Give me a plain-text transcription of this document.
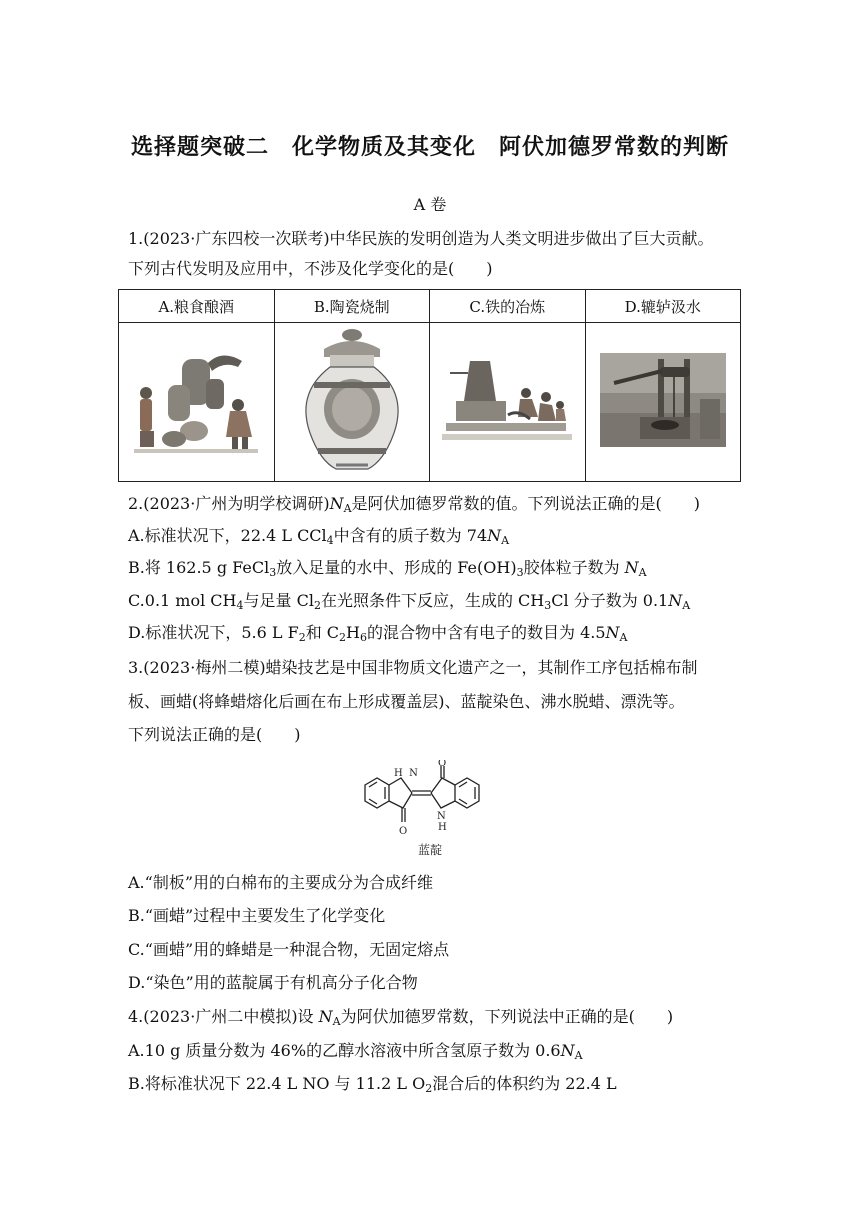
选择题突破二　化学物质及其变化　阿伏加德罗常数的判断
A 卷
1.(2023·广东四校一次联考)中华民族的发明创造为人类文明进步做出了巨大贡献。
下列古代发明及应用中，不涉及化学变化的是(　　)
A.粮食酿酒	B.陶瓷烧制	C.铁的冶炼	D.辘轳汲水

2.(2023·广州为明学校调研)$N_A$是阿伏加德罗常数的值。下列说法正确的是(　　)
A.标准状况下，22.4 L CCl$_4$中含有的质子数为 $74N_A$
B.将 162.5 g FeCl$_3$放入足量的水中、形成的 $Fe(OH)_3$胶体粒子数为 $N_A$
C.0.1 mol $CH_4$与足量 $Cl_2$在光照条件下反应，生成的 $CH_3Cl$ 分子数为 $0.1N_A$
D.标准状况下，5.6 L $F_2$和 $C_2H_6$的混合物中含有电子的数目为 $4.5N_A$
3.(2023·梅州二模)蜡染技艺是中国非物质文化遗产之一，其制作工序包括棉布制
板、画蜡(将蜂蜡熔化后画在布上形成覆盖层)、蓝靛染色、沸水脱蜡、漂洗等。
下列说法正确的是(　　)
H  N
O
O
N
H
蓝靛
A.“制板”用的白棉布的主要成分为合成纤维
B.“画蜡”过程中主要发生了化学变化
C.“画蜡”用的蜂蜡是一种混合物，无固定熔点
D.“染色”用的蓝靛属于有机高分子化合物
4.(2023·广州二中模拟)设 $N_A$为阿伏加德罗常数，下列说法中正确的是(　　)
A.10 g 质量分数为 46%的乙醇水溶液中所含氢原子数为 $0.6N_A$
B.将标准状况下 22.4 L NO 与 11.2 L $O_2$混合后的体积约为 22.4 L
